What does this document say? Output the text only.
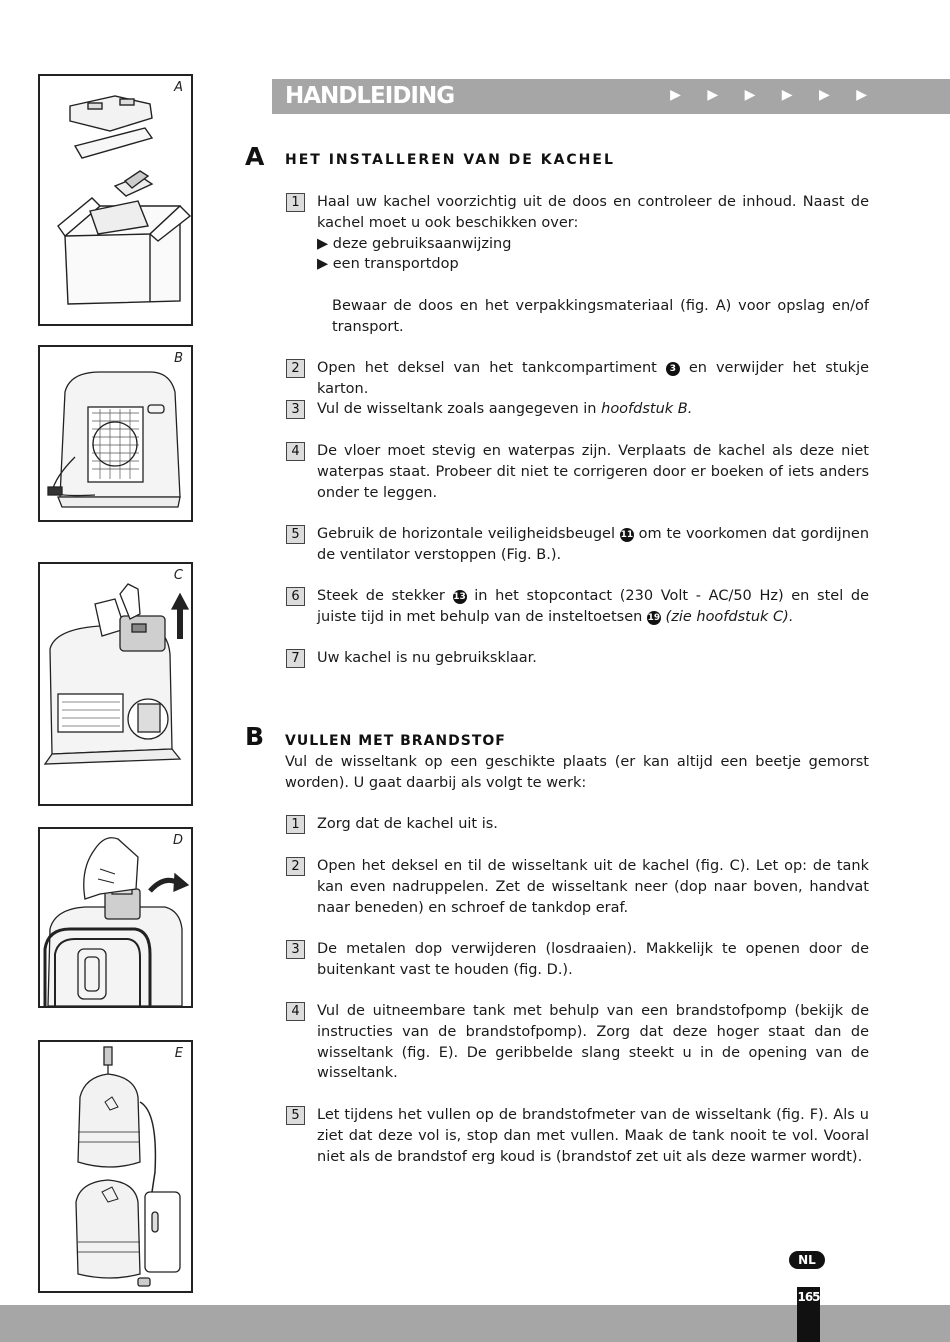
A
B
C
D
E
HANDLEIDING	▶ ▶ ▶ ▶ ▶ ▶
A HET INSTALLEREN VAN DE KACHEL
1	Haal uw kachel voorzichtig uit de doos en controleer de inhoud. Naast de kachel moet u ook beschikken over:
▶ deze gebruiksaanwijzing
▶ een transportdop
Bewaar de doos en het verpakkingsmateriaal (fig. A) voor opslag en/of transport.
2	Open het deksel van het tankcompartiment 3 en verwijder het stukje karton.
3	Vul de wisseltank zoals aangegeven in hoofdstuk B.
4	De vloer moet stevig en waterpas zijn. Verplaats de kachel als deze niet waterpas staat. Probeer dit niet te corrigeren door er boeken of iets anders onder te leggen.
5	Gebruik de horizontale veiligheidsbeugel 11 om te voorkomen dat gordijnen de ventilator verstoppen (Fig. B.).
6	Steek de stekker 13 in het stopcontact (230 Volt - AC/50 Hz) en stel de juiste tijd in met behulp van de insteltoetsen 19 (zie hoofdstuk C).
7	Uw kachel is nu gebruiksklaar.
B VULLEN MET BRANDSTOF
Vul de wisseltank op een geschikte plaats (er kan altijd een beetje gemorst worden). U gaat daarbij als volgt te werk:
1	Zorg dat de kachel uit is.
2	Open het deksel en til de wisseltank uit de kachel (fig. C). Let op: de tank kan even nadruppelen. Zet de wisseltank neer (dop naar boven, handvat naar beneden) en schroef de tankdop eraf.
3	De metalen dop verwijderen (losdraaien). Makkelijk te openen door de buitenkant vast te houden (fig. D.).
4	Vul de uitneembare tank met behulp van een brandstofpomp (bekijk de instructies van de brandstofpomp). Zorg dat deze hoger staat dan de wisseltank (fig. E). De geribbelde slang steekt u in de opening van de wisseltank.
5	Let tijdens het vullen op de brandstofmeter van de wisseltank (fig. F). Als u ziet dat deze vol is, stop dan met vullen. Maak de tank nooit te vol. Vooral niet als de brandstof erg koud is (brandstof zet uit als deze warmer wordt).
NL
165
